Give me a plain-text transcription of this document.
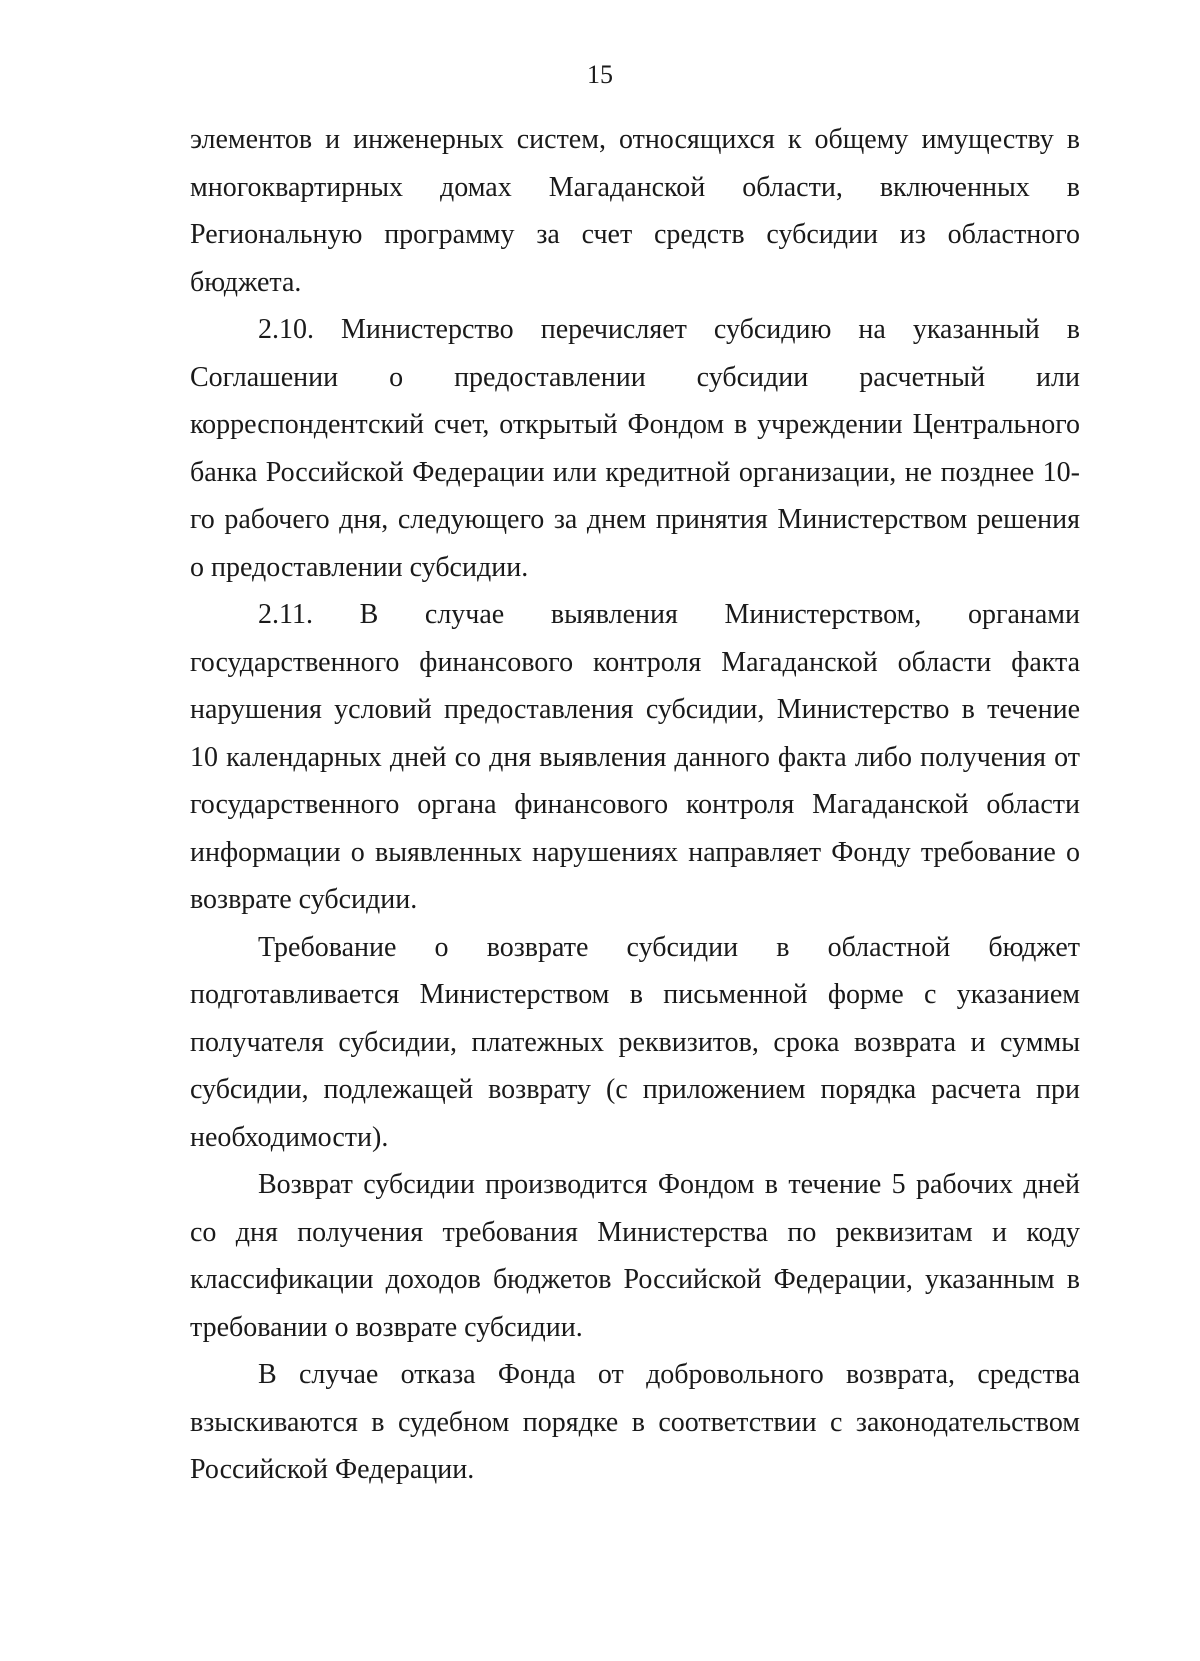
15

элементов и инженерных систем, относящихся к общему имуществу в многоквартирных домах Магаданской области, включенных в Региональную программу за счет средств субсидии из областного бюджета.

2.10. Министерство перечисляет субсидию на указанный в Соглашении о предоставлении субсидии расчетный или корреспондентский счет, открытый Фондом в учреждении Центрального банка Российской Федерации или кредитной организации, не позднее 10-го рабочего дня, следующего за днем принятия Министерством решения о предоставлении субсидии.

2.11. В случае выявления Министерством, органами государственного финансового контроля Магаданской области факта нарушения условий предоставления субсидии, Министерство в течение 10 календарных дней со дня выявления данного факта либо получения от государственного органа финансового контроля Магаданской области информации о выявленных нарушениях направляет Фонду требование о возврате субсидии.

Требование о возврате субсидии в областной бюджет подготавливается Министерством в письменной форме с указанием получателя субсидии, платежных реквизитов, срока возврата и суммы субсидии, подлежащей возврату (с приложением порядка расчета при необходимости).

Возврат субсидии производится Фондом в течение 5 рабочих дней со дня получения требования Министерства по реквизитам и коду классификации доходов бюджетов Российской Федерации, указанным в требовании о возврате субсидии.

В случае отказа Фонда от добровольного возврата, средства взыскиваются в судебном порядке в соответствии с законодательством Российской Федерации.
